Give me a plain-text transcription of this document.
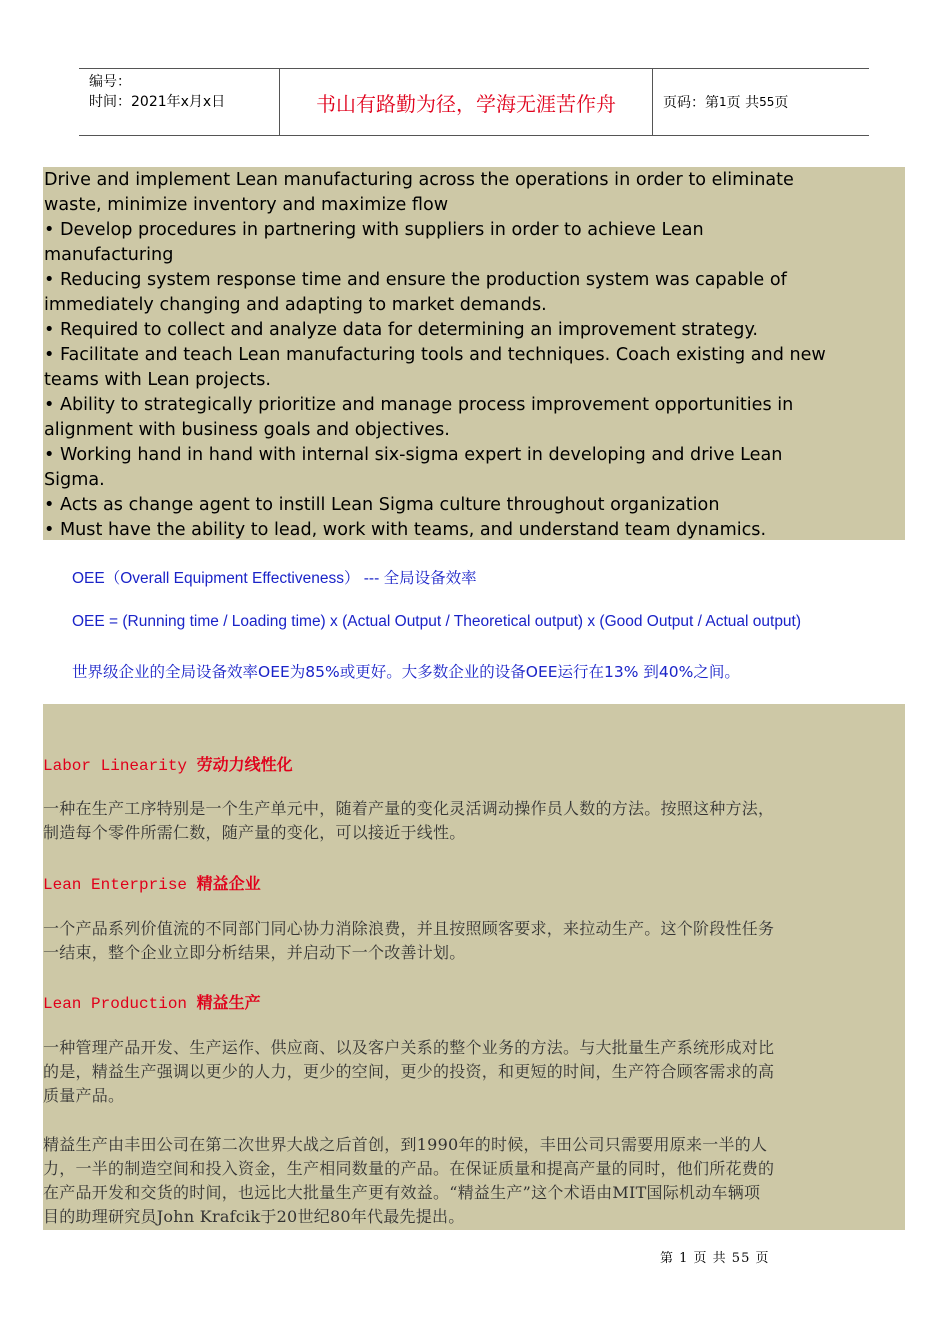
编号：
时间：2021年x月x日	书山有路勤为径，学海无涯苦作舟	页码：第 1 页 共 55 页

Drive and implement Lean manufacturing across the operations in order to eliminate

waste, minimize inventory and maximize flow

• Develop procedures in partnering with suppliers in order to achieve Lean

manufacturing

• Reducing system response time and ensure the production system was capable of

immediately changing and adapting to market demands.

• Required to collect and analyze data for determining an improvement strategy.

• Facilitate and teach Lean manufacturing tools and techniques. Coach existing and new

teams with Lean projects.

• Ability to strategically prioritize and manage process improvement opportunities in

alignment with business goals and objectives.

• Working hand in hand with internal six-sigma expert in developing and drive Lean

Sigma.

• Acts as change agent to instill Lean Sigma culture throughout organization

• Must have the ability to lead, work with teams, and understand team dynamics.

OEE（Overall Equipment Effectiveness） --- 全局设备效率
OEE = (Running time / Loading time) x (Actual Output / Theoretical output) x (Good Output / Actual output)
世界级企业的全局设备效率OEE为85%或更好。大多数企业的设备OEE运行在13% 到40%之间。
Labor Linearity 劳动力线性化
一种在生产工序特别是一个生产单元中，随着产量的变化灵活调动操作员人数的方法。按照这种方法，
制造每个零件所需仁数，随产量的变化，可以接近于线性。
Lean Enterprise 精益企业
一个产品系列价值流的不同部门同心协力消除浪费，并且按照顾客要求，来拉动生产。这个阶段性任务
一结束，整个企业立即分析结果，并启动下一个改善计划。
Lean Production 精益生产
一种管理产品开发、生产运作、供应商、以及客户关系的整个业务的方法。与大批量生产系统形成对比
的是，精益生产强调以更少的人力，更少的空间，更少的投资，和更短的时间，生产符合顾客需求的高
质量产品。
精益生产由丰田公司在第二次世界大战之后首创，到1990年的时候，丰田公司只需要用原来一半的人
力，一半的制造空间和投入资金，生产相同数量的产品。在保证质量和提高产量的同时，他们所花费的
在产品开发和交货的时间，也远比大批量生产更有效益。“精益生产”这个术语由MIT国际机动车辆项
目的助理研究员John Krafcik于20世纪80年代最先提出。
第 1 页 共 55 页
